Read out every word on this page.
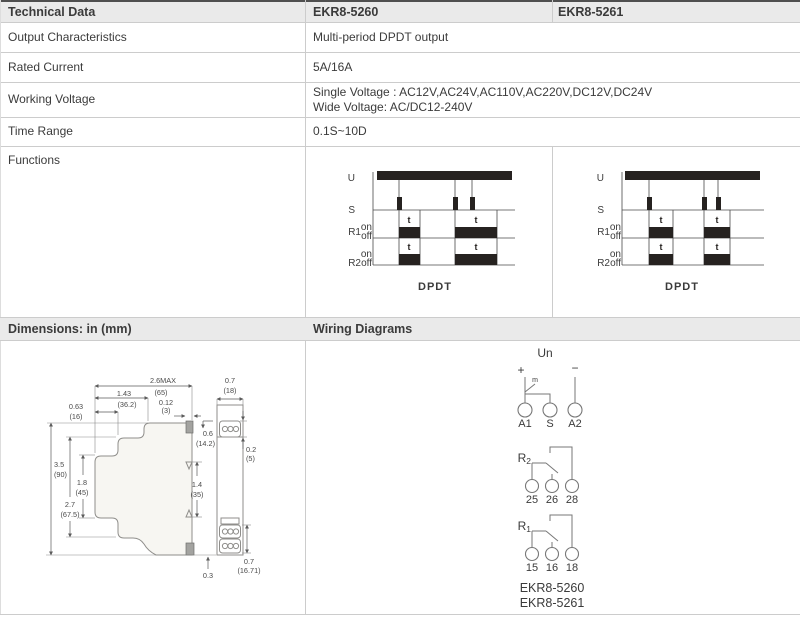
Technical Data	EKR8-5260	EKR8-5261
Output Characteristics	Multi-period DPDT output
Rated Current	5A/16A
Working Voltage	Single Voltage : AC12V,AC24V,AC110V,AC220V,DC12V,DC24V
Wide Voltage: AC/DC12-240V
Time Range	0.1S~10D
Functions
U
S
R1 on
off
R2
on
off
t	t
t	t
DPDT
U
S
R1 on
off
R2
on
off
t	t
t	t
DPDT
Dimensions: in (mm)	Wiring Diagrams
2.6MAX
(65)
1.43
(36.2)
0.63
(16)
0.12
(3)
3.5
(90)
2.7
(67.5)
1.8
(45)
0.7
(18)
0.6
(14.2)
0.2
(5)
1.4
(35)
0.7
(16.71)
0.3
Un
+	−
m
A1 S A2
R2
25 26 28
R1
15 16 18
EKR8-5260
EKR8-5261
